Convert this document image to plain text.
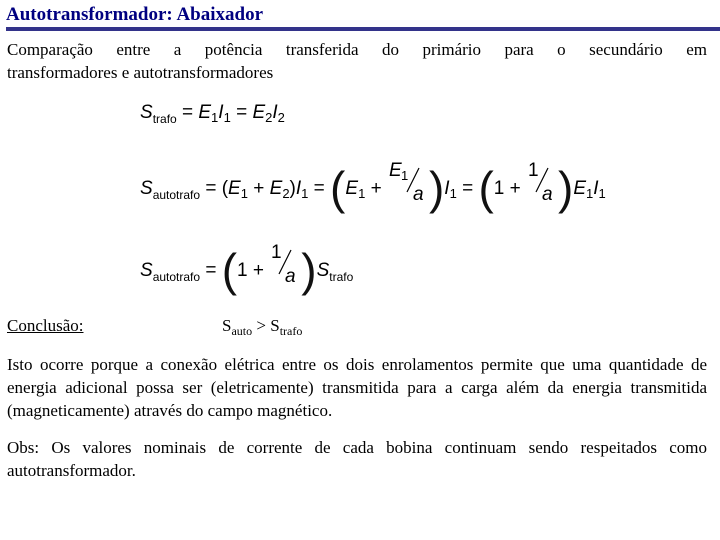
Autotransformador: Abaixador
Comparação entre a potência transferida do primário para o secundário em
transformadores e autotransformadores
$S_{trafo} = E_1I_1 = E_2I_2$
$S_{autotrafo} = (E_1 + E_2)I_1 = (E_1$ +
E 1
a )$I_1 = (1$ +
1
a )$E_1I_1$
$S_{autotrafo} = (1$ +
1
a )$S_{trafo}$
Conclusão:	$S_{auto} > S_{trafo}$
Isto ocorre porque a conexão elétrica entre os dois enrolamentos permite que uma quantidade de energia adicional possa ser (eletricamente) transmitida para a carga além da energia transmitida (magneticamente) através do campo magnético.
Obs: Os valores nominais de corrente de cada bobina continuam sendo respeitados como autotransformador.
